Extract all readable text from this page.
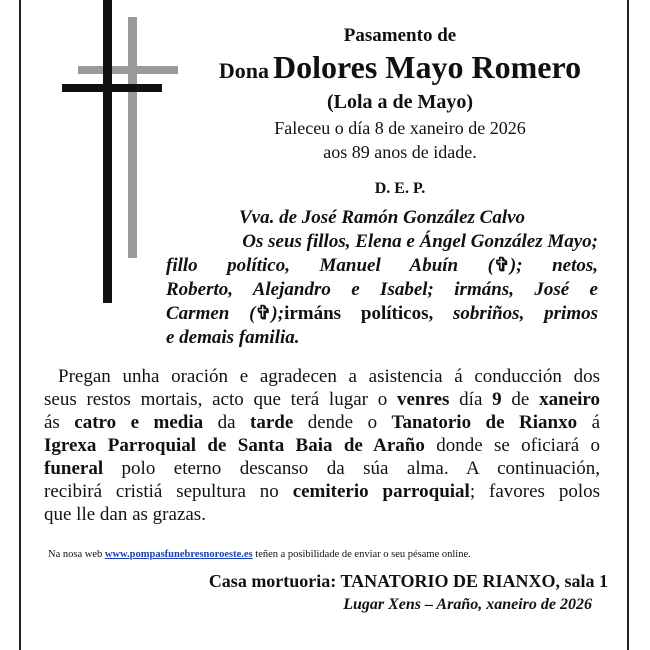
Pasamento de
Dona Dolores Mayo Romero
(Lola a de Mayo)
Faleceu o día 8 de xaneiro de 2026
aos 89 anos de idade.
D. E. P.
Vva. de José Ramón González Calvo
Os seus fillos, Elena e Ángel González Mayo;
fillo político, Manuel Abuín (✞); netos,
Roberto, Alejandro e Isabel; irmáns, José e
Carmen (✞);irmáns políticos, sobriños, primos
e demais familia.
Pregan unha oración e agradecen a asistencia á conducción dos
seus restos mortais, acto que terá lugar o venres día 9 de xaneiro
ás catro e media da tarde dende o Tanatorio de Rianxo á
Igrexa Parroquial de Santa Baia de Araño donde se oficiará o
funeral polo eterno descanso da súa alma. A continuación,
recibirá cristiá sepultura no cemiterio parroquial; favores polos
que lle dan as grazas.
Na nosa web www.pompasfunebresnoroeste.es teñen a posibilidade de enviar o seu pésame online.
Casa mortuoria: TANATORIO DE RIANXO, sala 1
Lugar Xens – Araño, xaneiro de 2026
